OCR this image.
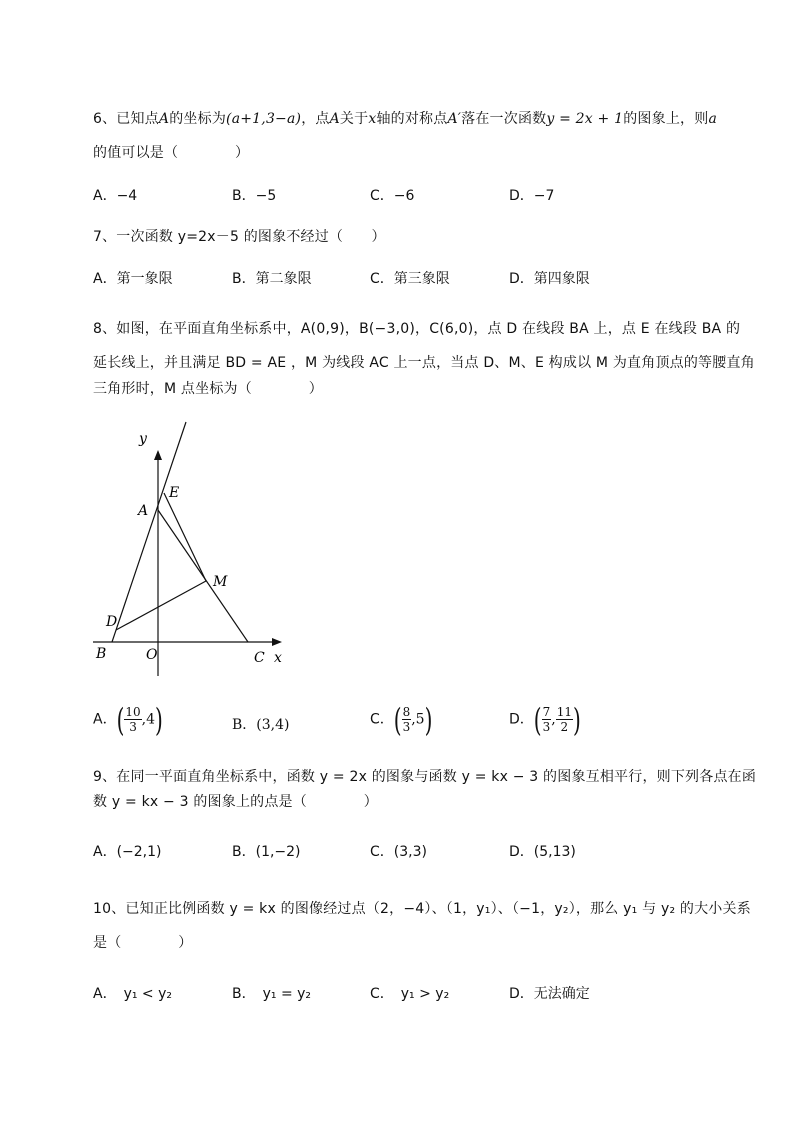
6、已知点A的坐标为(a+1,3−a)，点A关于x轴的对称点A′落在一次函数y = 2x + 1的图象上，则a
的值可以是（　　　　）
A．−4	B．−5	C．−6	D．−7
7、一次函数 y=2x－5 的图象不经过（　　）
A．第一象限	B．第二象限	C．第三象限	D．第四象限
8、如图，在平面直角坐标系中，A(0,9)，B(−3,0)，C(6,0)，点 D 在线段 BA 上，点 E 在线段 BA 的
延长线上，并且满足 BD = AE ，M 为线段 AC 上一点，当点 D、M、E 构成以 M 为直角顶点的等腰直角
三角形时，M 点坐标为（　　　　）
y
x
E
A
M
D
B	O	C
A．( $\frac{10}{3} ,4$)	B．(3,4)	C．( $\frac{8}{3} ,5$)	D．( $\frac{7}{3}$ , $\frac{11}{2}$ )
9、在同一平面直角坐标系中，函数 y = 2x 的图象与函数 y = kx − 3 的图象互相平行，则下列各点在函
数 y = kx − 3 的图象上的点是（　　　　）
A．(−2,1)	B．(1,−2)	C．(3,3)	D．(5,13)
10、已知正比例函数 y = kx 的图像经过点（2，−4）、（1，y₁）、（−1，y₂），那么 y₁ 与 y₂ 的大小关系
是（　　　　）
A．　y₁ < y₂	B．　y₁ = y₂	C．　y₁ > y₂	D．无法确定
